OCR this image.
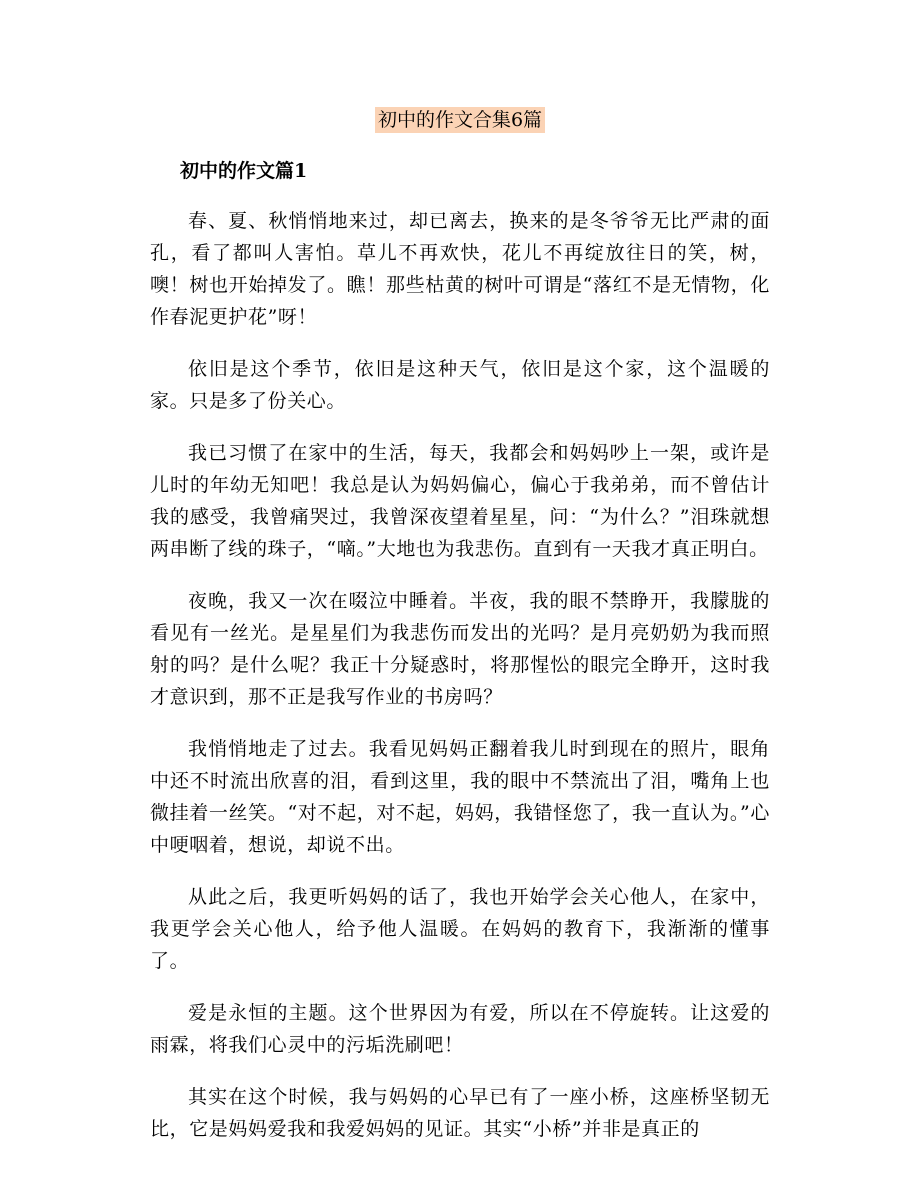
初中的作文合集6篇
初中的作文篇1

春、夏、秋悄悄地来过，却已离去，换来的是冬爷爷无比严肃的面孔，看了都叫人害怕。草儿不再欢快，花儿不再绽放往日的笑，树，噢！树也开始掉发了。瞧！那些枯黄的树叶可谓是“落红不是无情物，化作春泥更护花”呀！

依旧是这个季节，依旧是这种天气，依旧是这个家，这个温暖的家。只是多了份关心。

我已习惯了在家中的生活，每天，我都会和妈妈吵上一架，或许是儿时的年幼无知吧！我总是认为妈妈偏心，偏心于我弟弟，而不曾估计我的感受，我曾痛哭过，我曾深夜望着星星，问：“为什么？”泪珠就想两串断了线的珠子，“嘀。”大地也为我悲伤。直到有一天我才真正明白。

夜晚，我又一次在啜泣中睡着。半夜，我的眼不禁睁开，我朦胧的看见有一丝光。是星星们为我悲伤而发出的光吗？是月亮奶奶为我而照射的吗？是什么呢？我正十分疑惑时，将那惺忪的眼完全睁开，这时我才意识到，那不正是我写作业的书房吗？

我悄悄地走了过去。我看见妈妈正翻着我儿时到现在的照片，眼角中还不时流出欣喜的泪，看到这里，我的眼中不禁流出了泪，嘴角上也微挂着一丝笑。“对不起，对不起，妈妈，我错怪您了，我一直认为。”心中哽咽着，想说，却说不出。

从此之后，我更听妈妈的话了，我也开始学会关心他人，在家中，我更学会关心他人，给予他人温暖。在妈妈的教育下，我渐渐的懂事了。

爱是永恒的主题。这个世界因为有爱，所以在不停旋转。让这爱的雨霖，将我们心灵中的污垢洗刷吧！

其实在这个时候，我与妈妈的心早已有了一座小桥，这座桥坚韧无比，它是妈妈爱我和我爱妈妈的见证。其实“小桥”并非是真正的
